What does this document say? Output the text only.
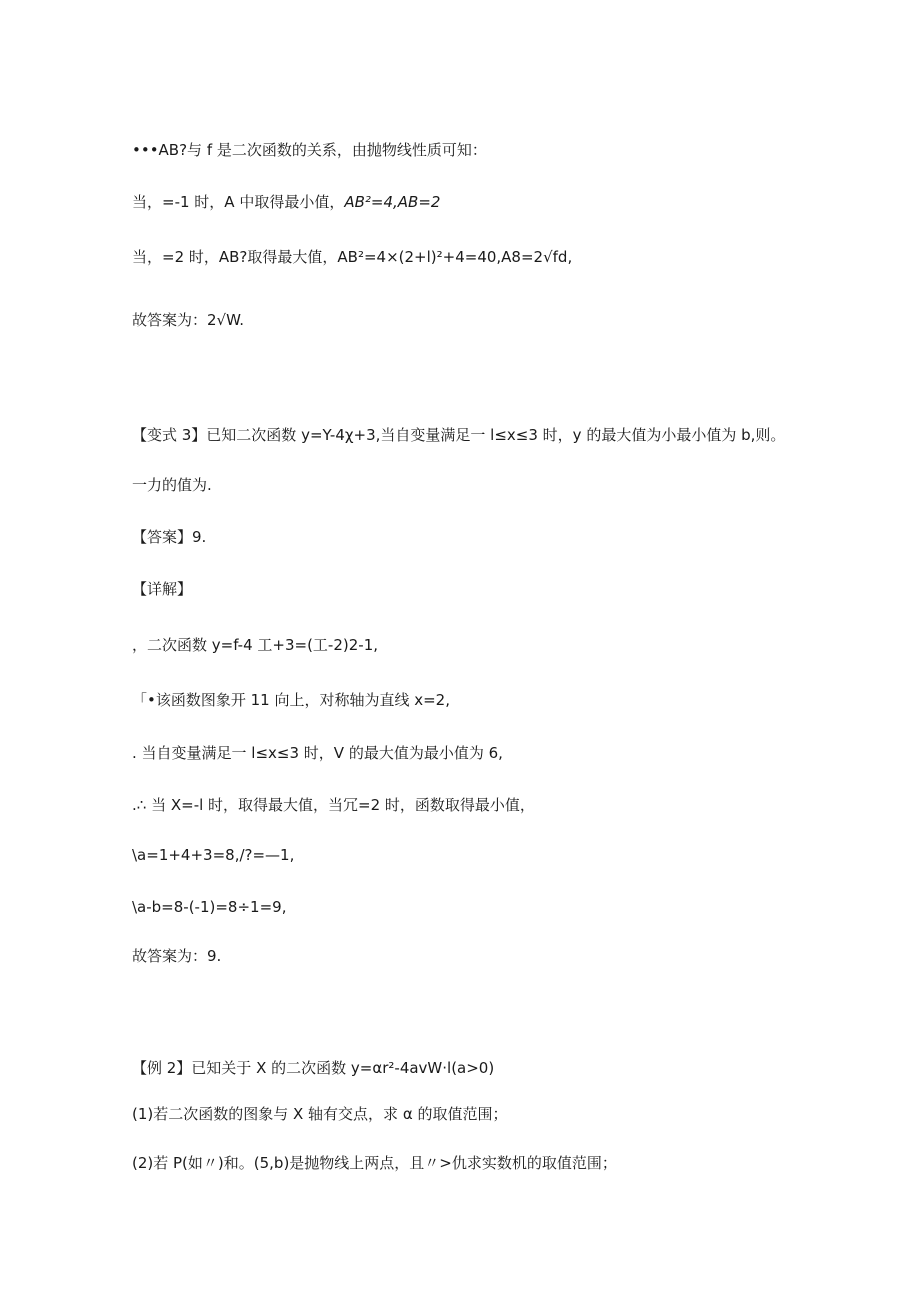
•••AB?与 f 是二次函数的关系，由抛物线性质可知：
当，=-1 时，A 中取得最小值，AB²=4,AB=2
当，=2 时，AB?取得最大值，AB²=4×(2+l)²+4=40,A8=2√fd,
故答案为：2√W.
【变式 3】已知二次函数 y=Y-4χ+3,当自变量满足一 l≤x≤3 时，y 的最大值为小最小值为 b,则。
一力的值为.
【答案】9.
【详解】
，二次函数 y=f-4 工+3=(工-2)2-1,
「•该函数图象开 11 向上，对称轴为直线 x=2,
. 当自变量满足一 l≤x≤3 时，V 的最大值为最小值为 6,
.∴ 当 X=-l 时，取得最大值，当冗=2 时，函数取得最小值，
\a=1+4+3=8,/?=—1,
\a-b=8-(-1)=8÷1=9,
故答案为：9.
【例 2】已知关于 X 的二次函数 y=αr²-4avW·l(a>0)
(1)若二次函数的图象与 X 轴有交点，求 α 的取值范围；
(2)若 P(如〃)和。(5,b)是抛物线上两点，且〃>仇求实数机的取值范围；
